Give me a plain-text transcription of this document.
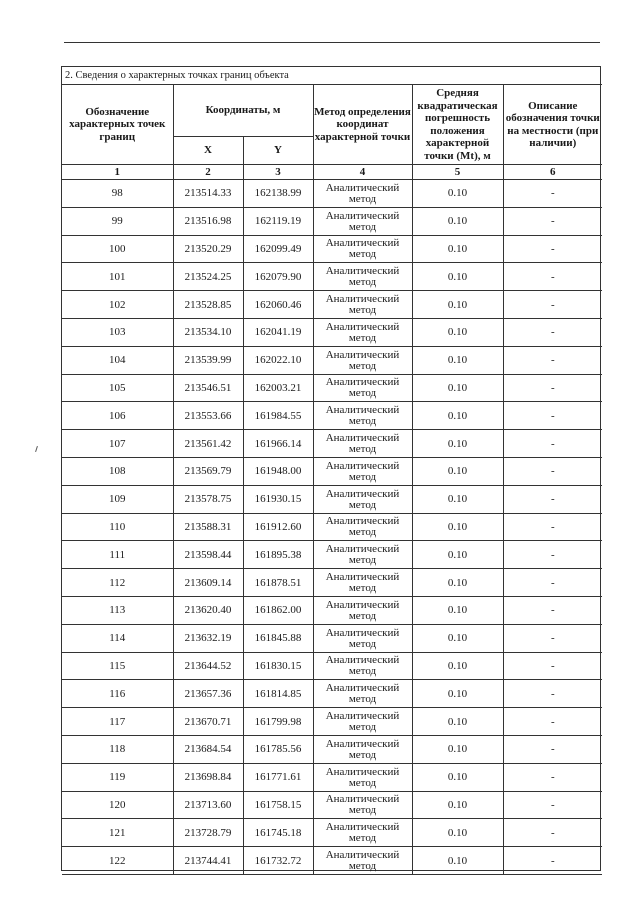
2. Сведения о характерных точках границ объекта					
Обозначение характерных точек границ	Координаты, м		Метод определения координат характерной точки	Средняя квадратическая погрешность положения характерной точки (Mt), м	Описание обозначения точки на местности (при наличии)
	X	Y			
1	2	3	4	5	6
98	213514.33	162138.99	Аналитический метод	0.10	-
99	213516.98	162119.19	Аналитический метод	0.10	-
100	213520.29	162099.49	Аналитический метод	0.10	-
101	213524.25	162079.90	Аналитический метод	0.10	-
102	213528.85	162060.46	Аналитический метод	0.10	-
103	213534.10	162041.19	Аналитический метод	0.10	-
104	213539.99	162022.10	Аналитический метод	0.10	-
105	213546.51	162003.21	Аналитический метод	0.10	-
106	213553.66	161984.55	Аналитический метод	0.10	-
107	213561.42	161966.14	Аналитический метод	0.10	-
108	213569.79	161948.00	Аналитический метод	0.10	-
109	213578.75	161930.15	Аналитический метод	0.10	-
110	213588.31	161912.60	Аналитический метод	0.10	-
111	213598.44	161895.38	Аналитический метод	0.10	-
112	213609.14	161878.51	Аналитический метод	0.10	-
113	213620.40	161862.00	Аналитический метод	0.10	-
114	213632.19	161845.88	Аналитический метод	0.10	-
115	213644.52	161830.15	Аналитический метод	0.10	-
116	213657.36	161814.85	Аналитический метод	0.10	-
117	213670.71	161799.98	Аналитический метод	0.10	-
118	213684.54	161785.56	Аналитический метод	0.10	-
119	213698.84	161771.61	Аналитический метод	0.10	-
120	213713.60	161758.15	Аналитический метод	0.10	-
121	213728.79	161745.18	Аналитический метод	0.10	-
122	213744.41	161732.72	Аналитический метод	0.10	-
